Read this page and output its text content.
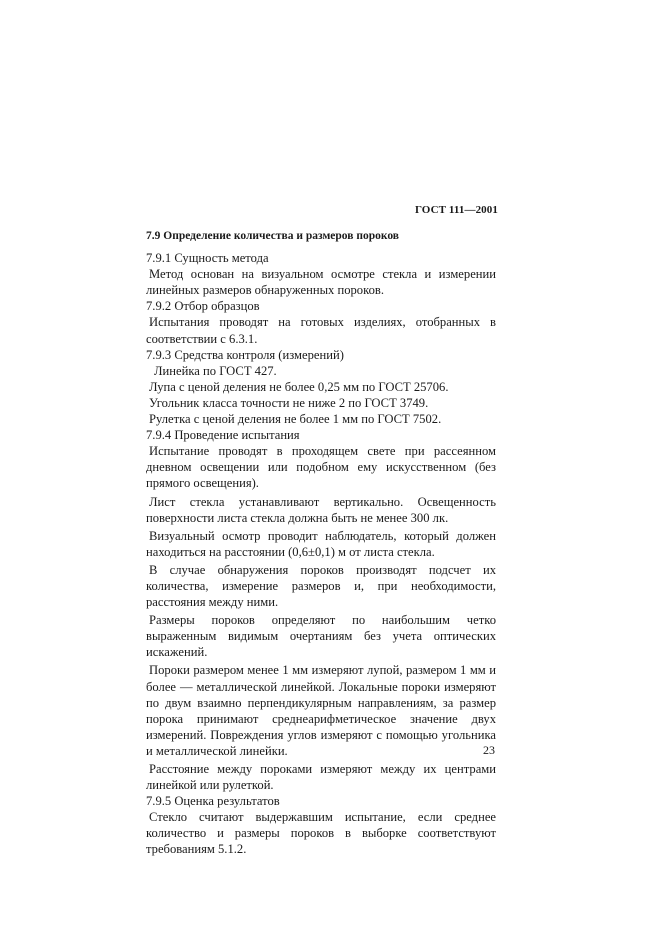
ГОСТ 111—2001

7.9 Определение количества и размеров пороков

7.9.1 Сущность метода

Метод основан на визуальном осмотре стекла и измерении линейных размеров обнаруженных пороков.

7.9.2 Отбор образцов

Испытания проводят на готовых изделиях, отобранных в соответствии с 6.3.1.

7.9.3 Средства контроля (измерений)

Линейка по ГОСТ 427.

Лупа с ценой деления не более 0,25 мм по ГОСТ 25706.

Угольник класса точности не ниже 2 по ГОСТ 3749.

Рулетка с ценой деления не более 1 мм по ГОСТ 7502.

7.9.4 Проведение испытания

Испытание проводят в проходящем свете при рассеянном дневном освещении или подобном ему искусственном (без прямого освещения).

Лист стекла устанавливают вертикально. Освещенность поверхности листа стекла должна быть не менее 300 лк.

Визуальный осмотр проводит наблюдатель, который должен находиться на расстоянии (0,6±0,1) м от листа стекла.

В случае обнаружения пороков производят подсчет их количества, измерение размеров и, при необходимости, расстояния между ними.

Размеры пороков определяют по наибольшим четко выраженным видимым очертаниям без учета оптических искажений.

Пороки размером менее 1 мм измеряют лупой, размером 1 мм и более — металлической линейкой. Локальные пороки измеряют по двум взаимно перпендикулярным направлениям, за размер порока принимают среднеарифметическое значение двух измерений. Повреждения углов измеряют с помощью угольника и металлической линейки.

Расстояние между пороками измеряют между их центрами линейкой или рулеткой.

7.9.5 Оценка результатов

Стекло считают выдержавшим испытание, если среднее количество и размеры пороков в выборке соответствуют требованиям 5.1.2.

23
